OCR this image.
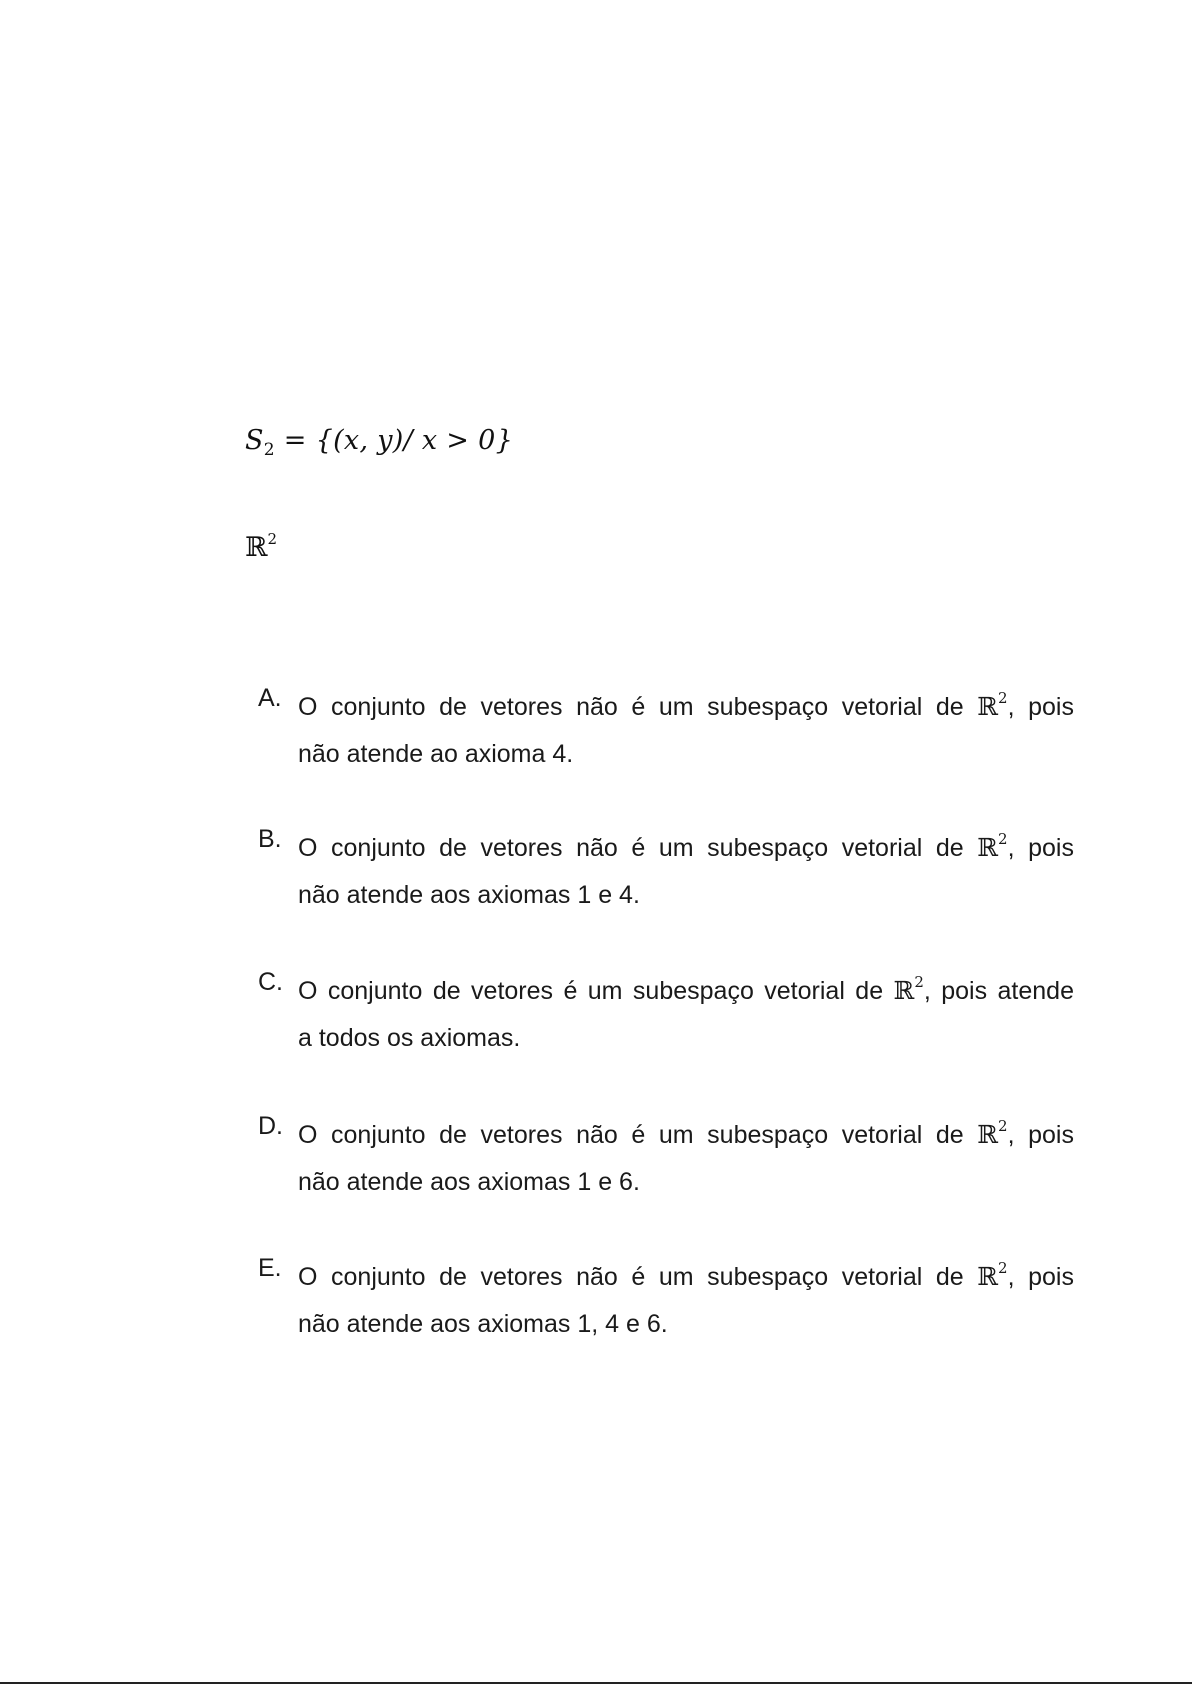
$S_2 = \{(x$, y)/ x > 0}
ℝ$^2$
A. O conjunto de vetores não é um subespaço vetorial de ℝ$^2$, pois
não atende ao axioma 4.
B. O conjunto de vetores não é um subespaço vetorial de ℝ$^2$, pois
não atende aos axiomas 1 e 4.
C. O conjunto de vetores é um subespaço vetorial de ℝ$^2$, pois atende
a todos os axiomas.
D. O conjunto de vetores não é um subespaço vetorial de ℝ$^2$, pois
não atende aos axiomas 1 e 6.
E. O conjunto de vetores não é um subespaço vetorial de ℝ$^2$, pois
não atende aos axiomas 1, 4 e 6.
